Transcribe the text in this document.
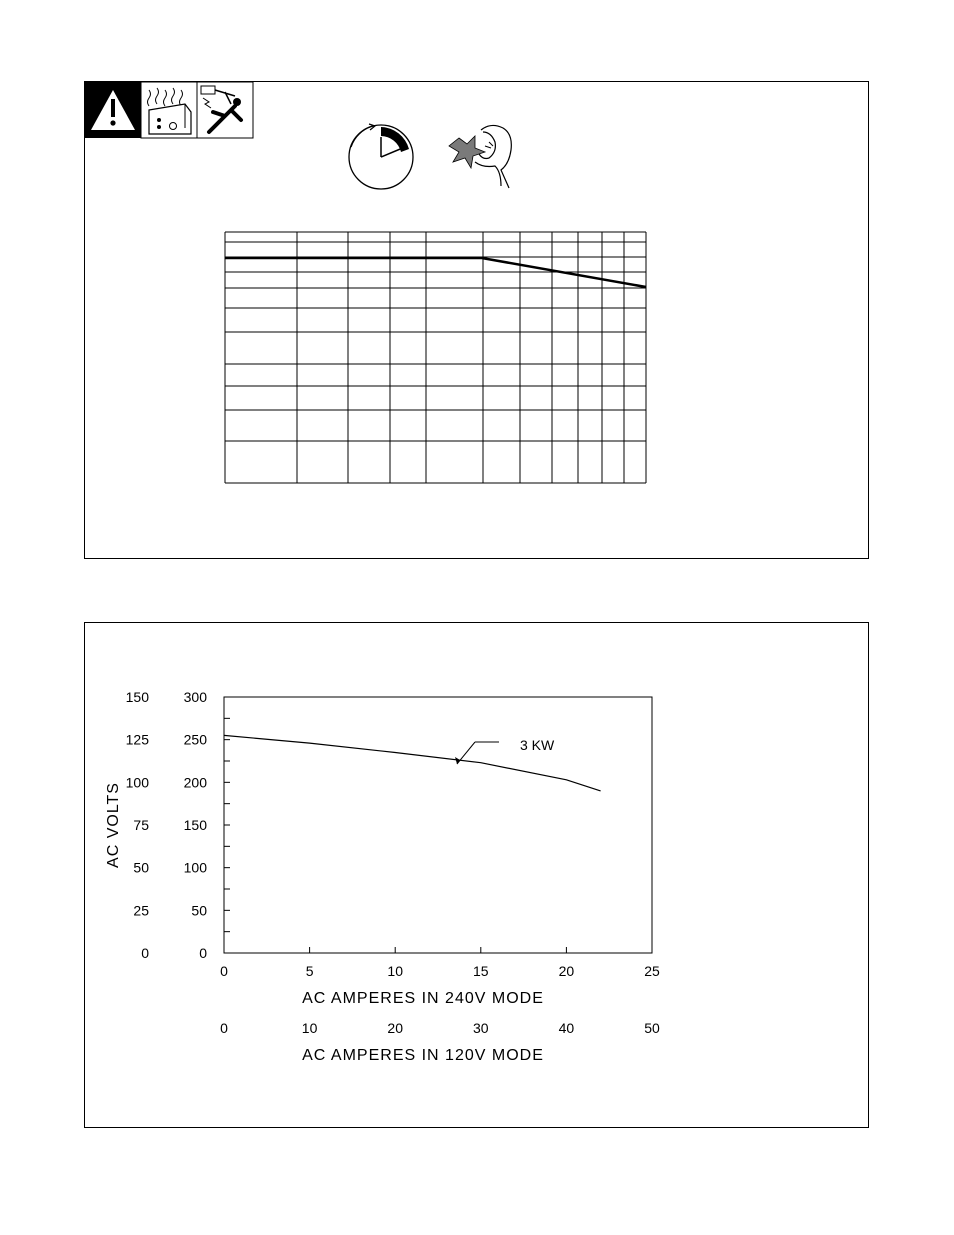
0
50
100
150
200
250
300
0
25
50
75
100
125
150
0	5	10	15	20	25
0	10	20	30	40	50
3 KW
AC VOLTS
AC AMPERES IN 240V MODE
AC AMPERES IN 120V MODE
